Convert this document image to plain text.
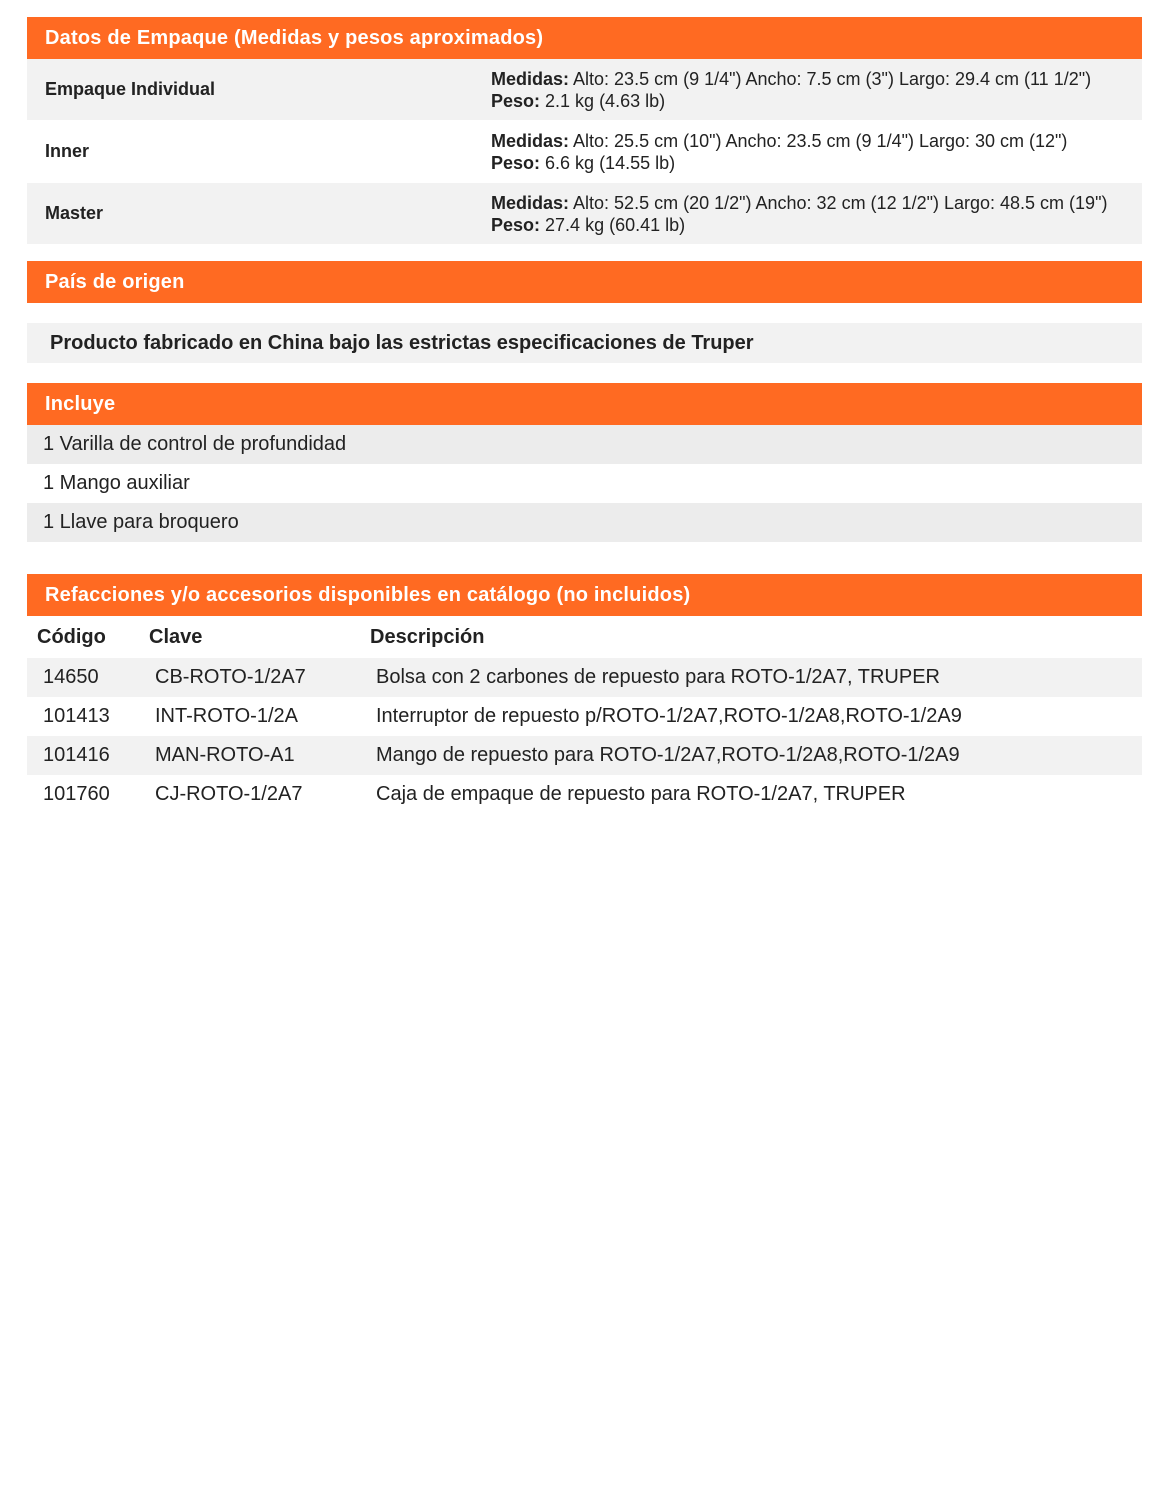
Datos de Empaque (Medidas y pesos aproximados)
Empaque Individual
Medidas: Alto: 23.5 cm (9 1/4") Ancho: 7.5 cm (3") Largo: 29.4 cm (11 1/2")
Peso: 2.1 kg (4.63 lb)
Inner
Medidas: Alto: 25.5 cm (10") Ancho: 23.5 cm (9 1/4") Largo: 30 cm (12")
Peso: 6.6 kg (14.55 lb)
Master
Medidas: Alto: 52.5 cm (20 1/2") Ancho: 32 cm (12 1/2") Largo: 48.5 cm (19") Peso: 27.4 kg (60.41 lb)
País de origen
Producto fabricado en China bajo las estrictas especificaciones de Truper
Incluye
1 Varilla de control de profundidad
1 Mango auxiliar
1 Llave para broquero
Refacciones y/o accesorios disponibles en catálogo (no incluidos)
Código	Clave	Descripción
14650	CB-ROTO-1/2A7	Bolsa con 2 carbones de repuesto para ROTO-1/2A7, TRUPER
101413	INT-ROTO-1/2A	Interruptor de repuesto p/ROTO-1/2A7,ROTO-1/2A8,ROTO-1/2A9
101416	MAN-ROTO-A1	Mango de repuesto para ROTO-1/2A7,ROTO-1/2A8,ROTO-1/2A9
101760	CJ-ROTO-1/2A7	Caja de empaque de repuesto para ROTO-1/2A7, TRUPER
